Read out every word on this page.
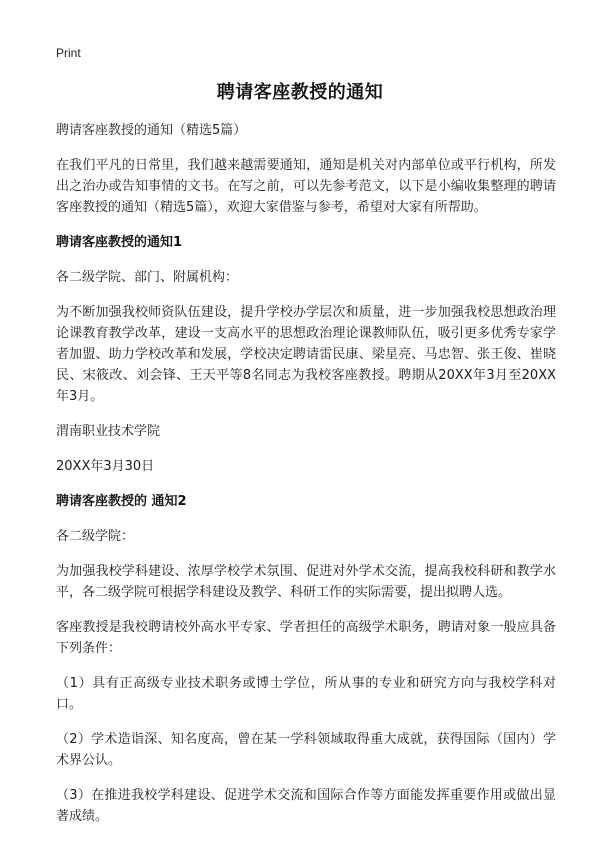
Print
聘请客座教授的通知

聘请客座教授的通知（精选5篇）

在我们平凡的日常里，我们越来越需要通知，通知是机关对内部单位或平行机构，所发出之治办或告知事情的文书。在写之前，可以先参考范文，以下是小编收集整理的聘请客座教授的通知（精选5篇），欢迎大家借鉴与参考，希望对大家有所帮助。

聘请客座教授的通知1

各二级学院、部门、附属机构：

为不断加强我校师资队伍建设，提升学校办学层次和质量，进一步加强我校思想政治理论课教育教学改革，建设一支高水平的思想政治理论课教师队伍，吸引更多优秀专家学者加盟、助力学校改革和发展，学校决定聘请雷民康、梁星亮、马忠智、张王俊、崔晓民、宋筱改、刘会锋、王天平等8名同志为我校客座教授。聘期从20XX年3月至20XX年3月。

渭南职业技术学院

20XX年3月30日

聘请客座教授的 通知2

各二级学院：

为加强我校学科建设、浓厚学校学术氛围、促进对外学术交流，提高我校科研和教学水平，各二级学院可根据学科建设及教学、科研工作的实际需要，提出拟聘人选。

客座教授是我校聘请校外高水平专家、学者担任的高级学术职务，聘请对象一般应具备下列条件：

（1）具有正高级专业技术职务或博士学位，所从事的专业和研究方向与我校学科对口。

（2）学术造诣深、知名度高，曾在某一学科领域取得重大成就，获得国际（国内）学术界公认。

（3）在推进我校学科建设、促进学术交流和国际合作等方面能发挥重要作用或做出显著成绩。
